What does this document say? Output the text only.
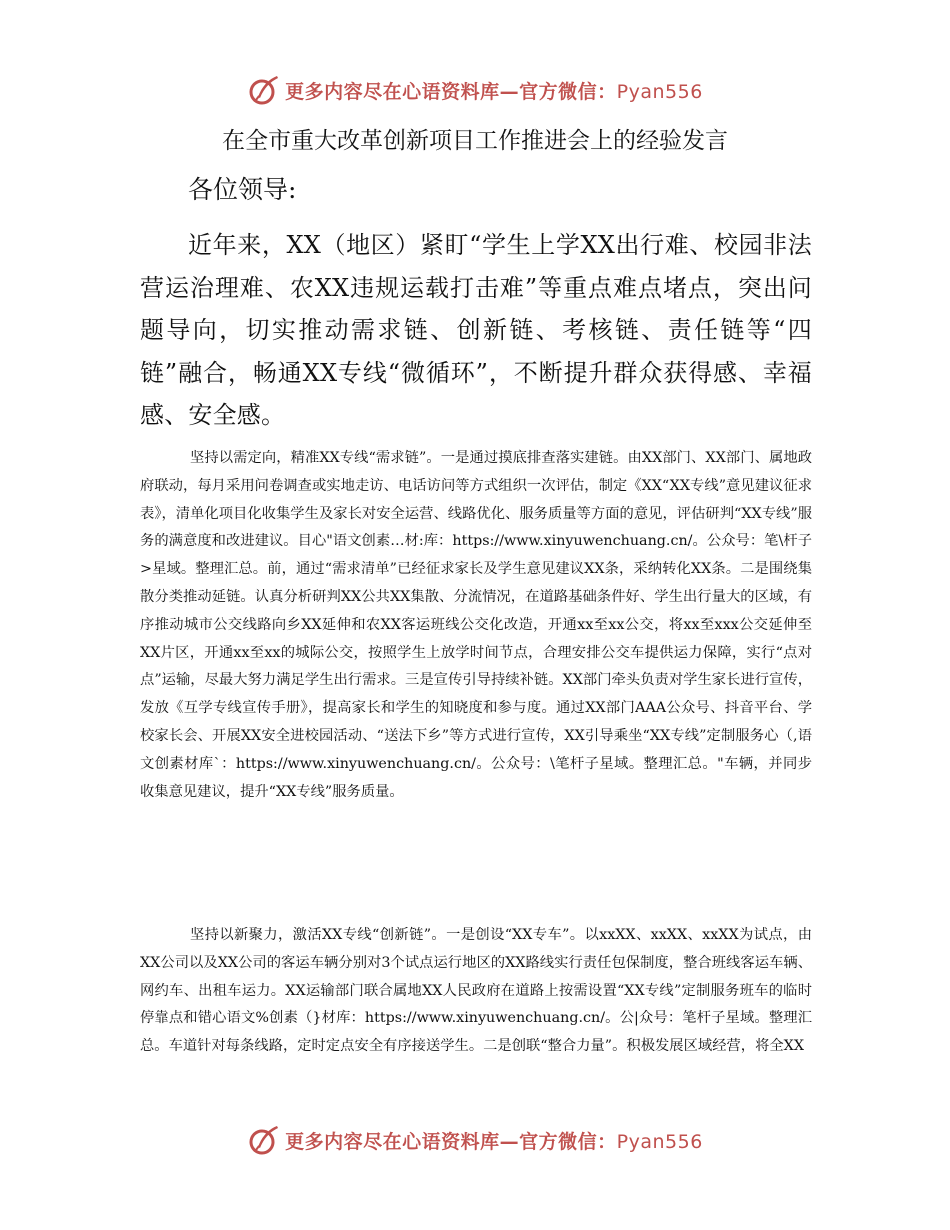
更多内容尽在心语资料库—官方微信：Pyan556
在全市重大改革创新项目工作推进会上的经验发言
各位领导:

近年来，XX（地区）紧盯“学生上学XX出行难、校园非法营运治理难、农XX违规运载打击难”等重点难点堵点，突出问题导向，切实推动需求链、创新链、考核链、责任链等“四链”融合，畅通XX专线“微循环”，不断提升群众获得感、幸福感、安全感。

坚持以需定向，精准XX专线“需求链”。一是通过摸底排查落实建链。由XX部门、XX部门、属地政府联动，每月采用问卷调查或实地走访、电话访问等方式组织一次评估，制定《XX“XX专线”意见建议征求表》，清单化项目化收集学生及家长对安全运营、线路优化、服务质量等方面的意见，评估研判“XX专线”服务的满意度和改进建议。目心"语文创素…材:库：https://www.xinyuwenchuang.cn/。公众号：笔\杆子>星域。整理汇总。前，通过“需求清单”已经征求家长及学生意见建议XX条，采纳转化XX条。二是围绕集散分类推动延链。认真分析研判XX公共XX集散、分流情况，在道路基础条件好、学生出行量大的区域，有序推动城市公交线路向乡XX延伸和农XX客运班线公交化改造，开通xx至xx公交，将xx至xxx公交延伸至XX片区，开通xx至xx的城际公交，按照学生上放学时间节点，合理安排公交车提供运力保障，实行“点对点”运输，尽最大努力满足学生出行需求。三是宣传引导持续补链。XX部门牵头负责对学生家长进行宣传，发放《互学专线宣传手册》，提高家长和学生的知晓度和参与度。通过XX部门AAA公众号、抖音平台、学校家长会、开展XX安全进校园活动、“送法下乡”等方式进行宣传，XX引导乘坐“XX专线”定制服务心（,语文创素材库`：https://www.xinyuwenchuang.cn/。公众号：\笔杆子星域。整理汇总。"车辆，并同步收集意见建议，提升“XX专线”服务质量。

坚持以新聚力，激活XX专线“创新链”。一是创设“XX专车”。以xxXX、xxXX、xxXX为试点，由XX公司以及XX公司的客运车辆分别对3个试点运行地区的XX路线实行责任包保制度，整合班线客运车辆、网约车、出租车运力。XX运输部门联合属地XX人民政府在道路上按需设置“XX专线”定制服务班车的临时停靠点和错心语文%创素（}材库：https://www.xinyuwenchuang.cn/。公|众号：笔杆子星域。整理汇总。车道针对每条线路，定时定点安全有序接送学生。二是创联“整合力量”。积极发展区域经营，将全XX

更多内容尽在心语资料库—官方微信：Pyan556
